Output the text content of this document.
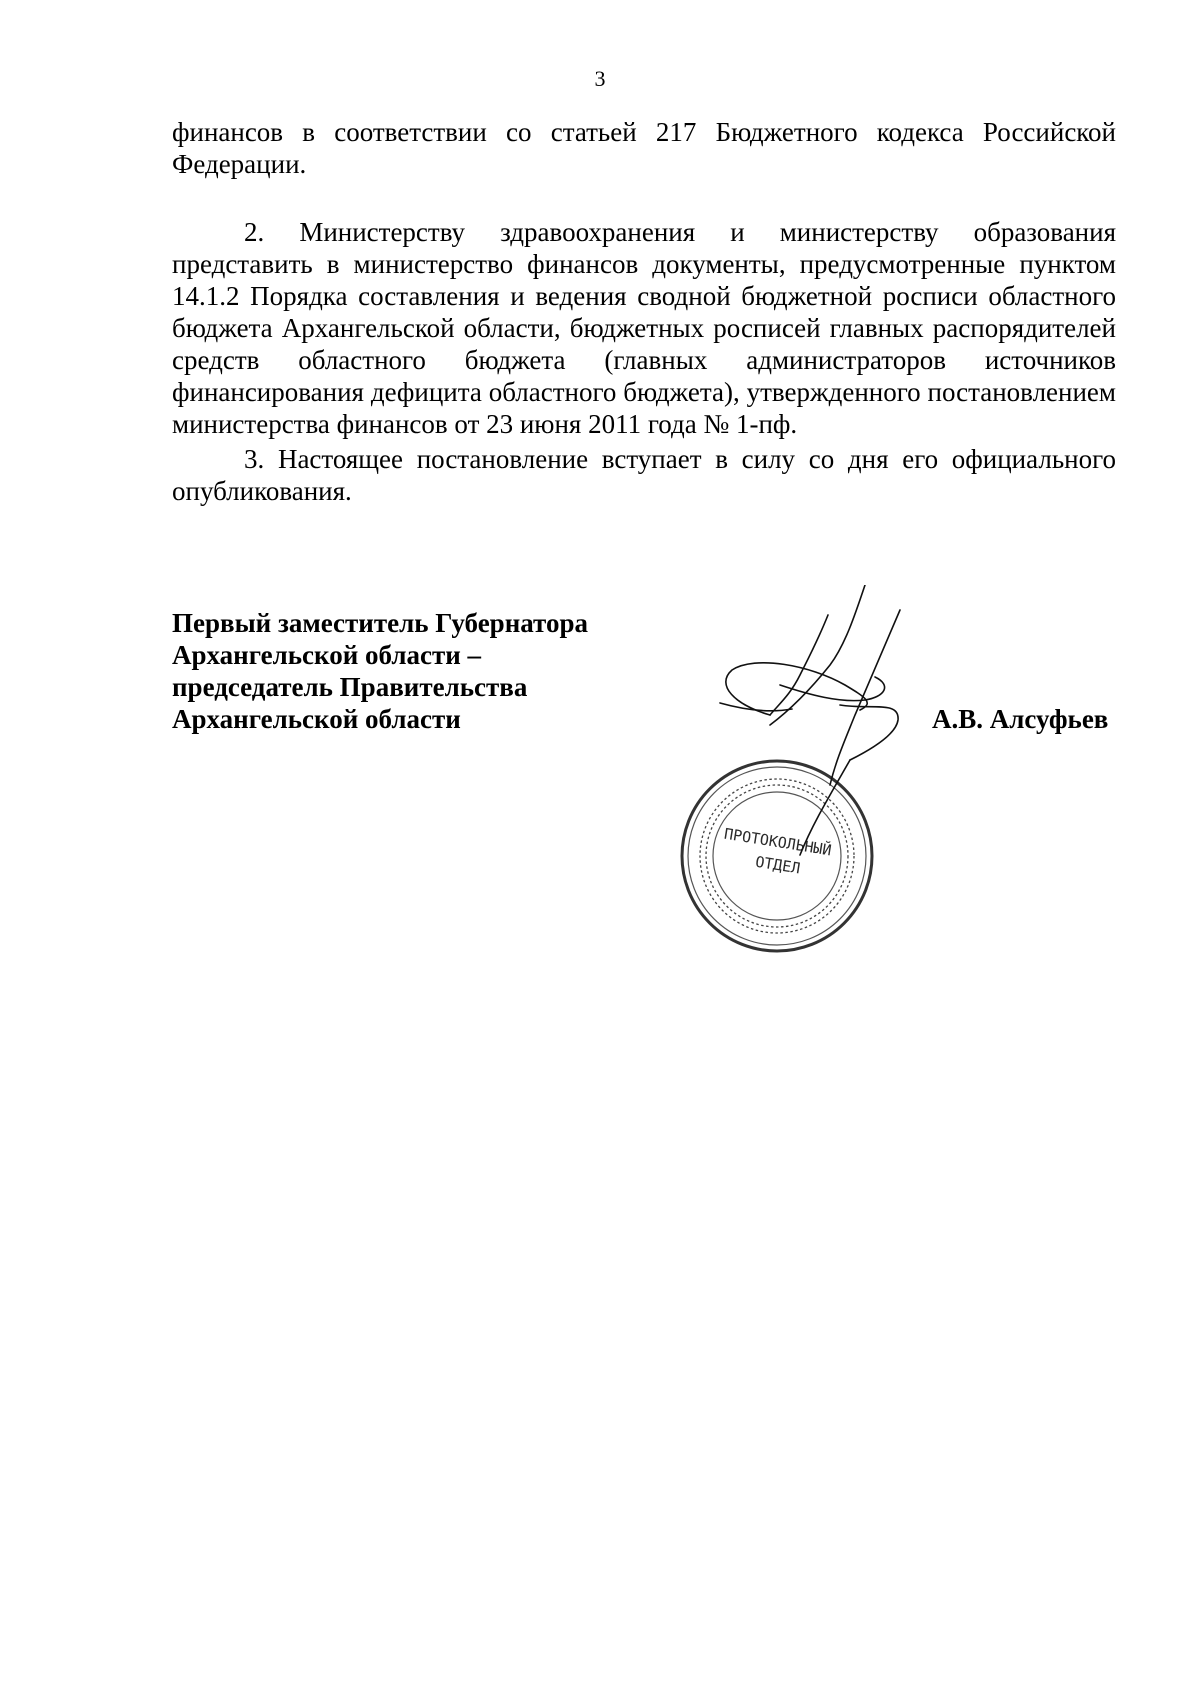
3
финансов в соответствии со статьей 217 Бюджетного кодекса Российской Федерации.
2. Министерству здравоохранения и министерству образования представить в министерство финансов документы, предусмотренные пунктом 14.1.2 Порядка составления и ведения сводной бюджетной росписи областного бюджета Архангельской области, бюджетных росписей главных распорядителей средств областного бюджета (главных администраторов источников финансирования дефицита областного бюджета), утвержденного постановлением министерства финансов от 23 июня 2011 года № 1-пф.
3. Настоящее постановление вступает в силу со дня его официального опубликования.
Первый заместитель Губернатора
Архангельской области –
председатель Правительства
Архангельской области
ПРОТОКОЛЬНЫЙ
ОТДЕЛ
А.В. Алсуфьев
